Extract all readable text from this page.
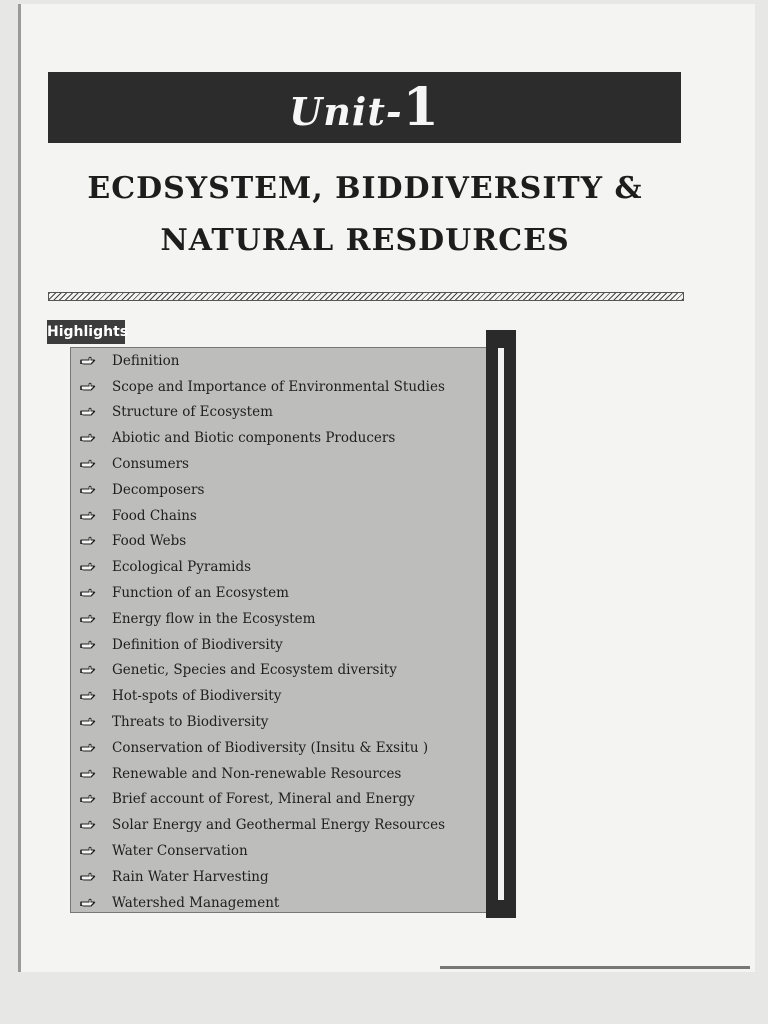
Unit-1
ECDSYSTEM, BIDDIVERSITY &
NATURAL RESDURCES
Highlights
Definition
Scope and Importance of Environmental Studies
Structure of Ecosystem
Abiotic and Biotic components Producers
Consumers
Decomposers
Food Chains
Food Webs
Ecological Pyramids
Function of an Ecosystem
Energy flow in the Ecosystem
Definition of Biodiversity
Genetic, Species and Ecosystem diversity
Hot-spots of Biodiversity
Threats to Biodiversity
Conservation of Biodiversity (Insitu & Exsitu )
Renewable and Non-renewable Resources
Brief account of Forest, Mineral and Energy
Solar Energy and Geothermal Energy Resources
Water Conservation
Rain Water Harvesting
Watershed Management
